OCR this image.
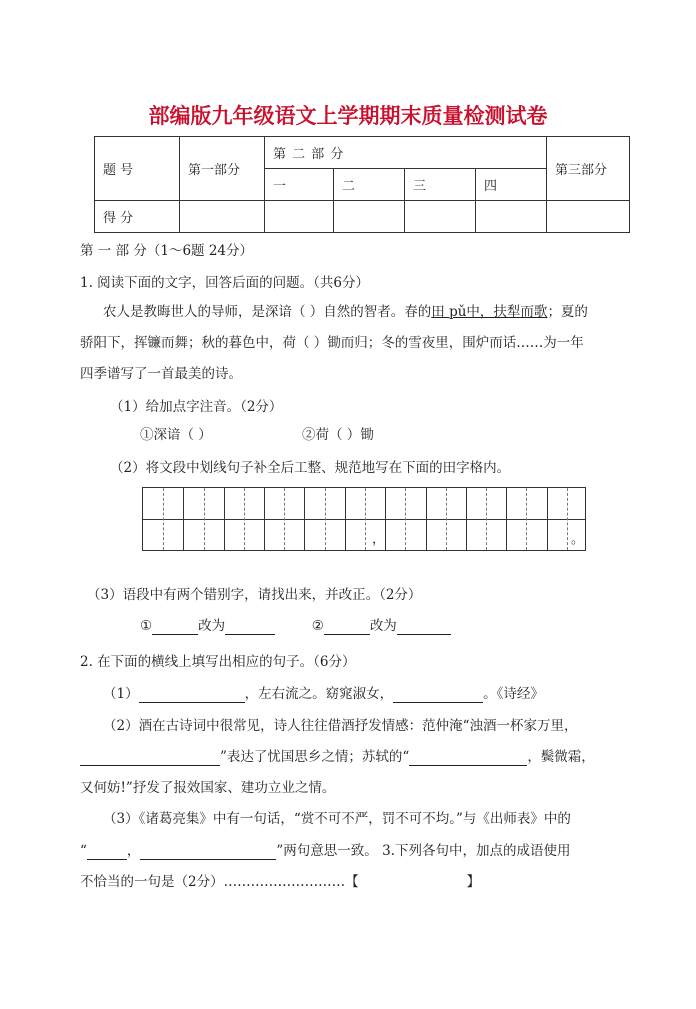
部编版九年级语文上学期期末质量检测试卷
题 号	第一部分	第 二 部 分				第三部分
		一	二	三	四	
得 分						
第 一 部 分（1～6题 24分）
1. 阅读下面的文字，回答后面的问题。（共6分）
农人是教晦世人的导师，是深谙（ ）自然的智者。春的田 pǔ中，扶犁而歌；夏的
骄阳下，挥镰而舞；秋的暮色中，荷（ ）锄而归；冬的雪夜里，围炉而话……为一年
四季谱写了一首最美的诗。
（1）给加点字注音。（2分）
①深谙（ ）	②荷（ ）锄
（2）将文段中划线句子补全后工整、规范地写在下面的田字格内。
，	。
（3）语段中有两个错别字，请找出来，并改正。（2分）
①	改为	②	改为
2. 在下面的横线上填写出相应的句子。（6分）
（1）	，左右流之。窈窕淑女，	。《诗经》
（2）酒在古诗词中很常见，诗人往往借酒抒发情感：范仲淹“浊酒一杯家万里，
”表达了忧国思乡之情；苏轼的“	，鬓微霜，
又何妨!”抒发了报效国家、建功立业之情。
（3）《诸葛亮集》中有一句话，“赏不可不严，罚不可不均。”与《出师表》中的
“	，	”两句意思一致。 3.下列各句中，加点的成语使用
不恰当的一句是（2分）………………………【	】
